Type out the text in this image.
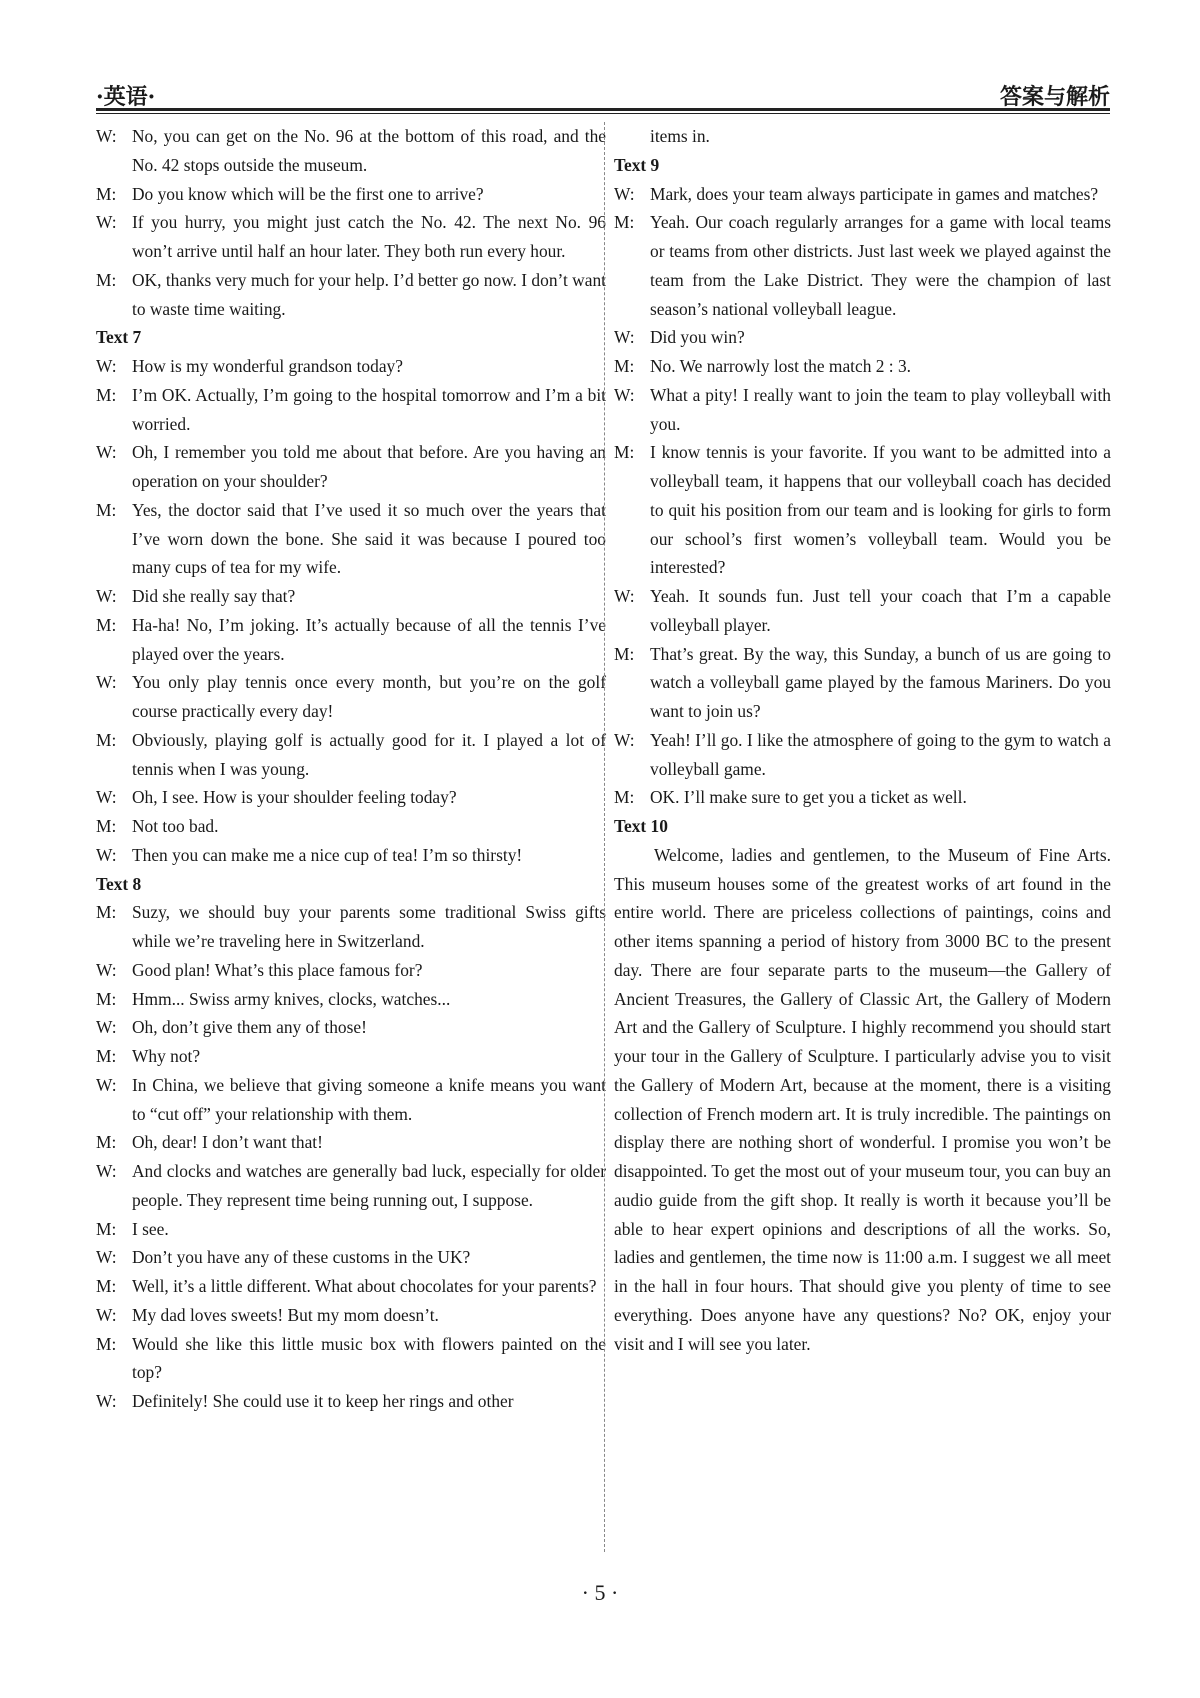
·英语·	答案与解析
W: No, you can get on the No. 96 at the bottom of this road, and the No. 42 stops outside the museum.
M: Do you know which will be the first one to arrive?
W: If you hurry, you might just catch the No. 42. The next No. 96 won’t arrive until half an hour later. They both run every hour.
M: OK, thanks very much for your help. I’d better go now. I don’t want to waste time waiting.
Text 7
W: How is my wonderful grandson today?
M: I’m OK. Actually, I’m going to the hospital tomorrow and I’m a bit worried.
W: Oh, I remember you told me about that before. Are you having an operation on your shoulder?
M: Yes, the doctor said that I’ve used it so much over the years that I’ve worn down the bone. She said it was because I poured too many cups of tea for my wife.
W: Did she really say that?
M: Ha-ha! No, I’m joking. It’s actually because of all the tennis I’ve played over the years.
W: You only play tennis once every month, but you’re on the golf course practically every day!
M: Obviously, playing golf is actually good for it. I played a lot of tennis when I was young.
W: Oh, I see. How is your shoulder feeling today?
M: Not too bad.
W: Then you can make me a nice cup of tea! I’m so thirsty!
Text 8
M: Suzy, we should buy your parents some traditional Swiss gifts while we’re traveling here in Switzerland.
W: Good plan! What’s this place famous for?
M: Hmm... Swiss army knives, clocks, watches...
W: Oh, don’t give them any of those!
M: Why not?
W: In China, we believe that giving someone a knife means you want to “cut off” your relationship with them.
M: Oh, dear! I don’t want that!
W: And clocks and watches are generally bad luck, especially for older people. They represent time being running out, I suppose.
M: I see.
W: Don’t you have any of these customs in the UK?
M: Well, it’s a little different. What about chocolates for your parents?
W: My dad loves sweets! But my mom doesn’t.
M: Would she like this little music box with flowers painted on the top?
W: Definitely! She could use it to keep her rings and other
items in.
Text 9
W: Mark, does your team always participate in games and matches?
M: Yeah. Our coach regularly arranges for a game with local teams or teams from other districts. Just last week we played against the team from the Lake District. They were the champion of last season’s national volleyball league.
W: Did you win?
M: No. We narrowly lost the match 2 : 3.
W: What a pity! I really want to join the team to play volleyball with you.
M: I know tennis is your favorite. If you want to be admitted into a volleyball team, it happens that our volleyball coach has decided to quit his position from our team and is looking for girls to form our school’s first women’s volleyball team. Would you be interested?
W: Yeah. It sounds fun. Just tell your coach that I’m a capable volleyball player.
M: That’s great. By the way, this Sunday, a bunch of us are going to watch a volleyball game played by the famous Mariners. Do you want to join us?
W: Yeah! I’ll go. I like the atmosphere of going to the gym to watch a volleyball game.
M: OK. I’ll make sure to get you a ticket as well.
Text 10
Welcome, ladies and gentlemen, to the Museum of Fine Arts. This museum houses some of the greatest works of art found in the entire world. There are priceless collections of paintings, coins and other items spanning a period of history from 3000 BC to the present day. There are four separate parts to the museum—the Gallery of Ancient Treasures, the Gallery of Classic Art, the Gallery of Modern Art and the Gallery of Sculpture. I highly recommend you should start your tour in the Gallery of Sculpture. I particularly advise you to visit the Gallery of Modern Art, because at the moment, there is a visiting collection of French modern art. It is truly incredible. The paintings on display there are nothing short of wonderful. I promise you won’t be disappointed. To get the most out of your museum tour, you can buy an audio guide from the gift shop. It really is worth it because you’ll be able to hear expert opinions and descriptions of all the works. So, ladies and gentlemen, the time now is 11:00 a.m. I suggest we all meet in the hall in four hours. That should give you plenty of time to see everything. Does anyone have any questions? No? OK, enjoy your visit and I will see you later.
· 5 ·
